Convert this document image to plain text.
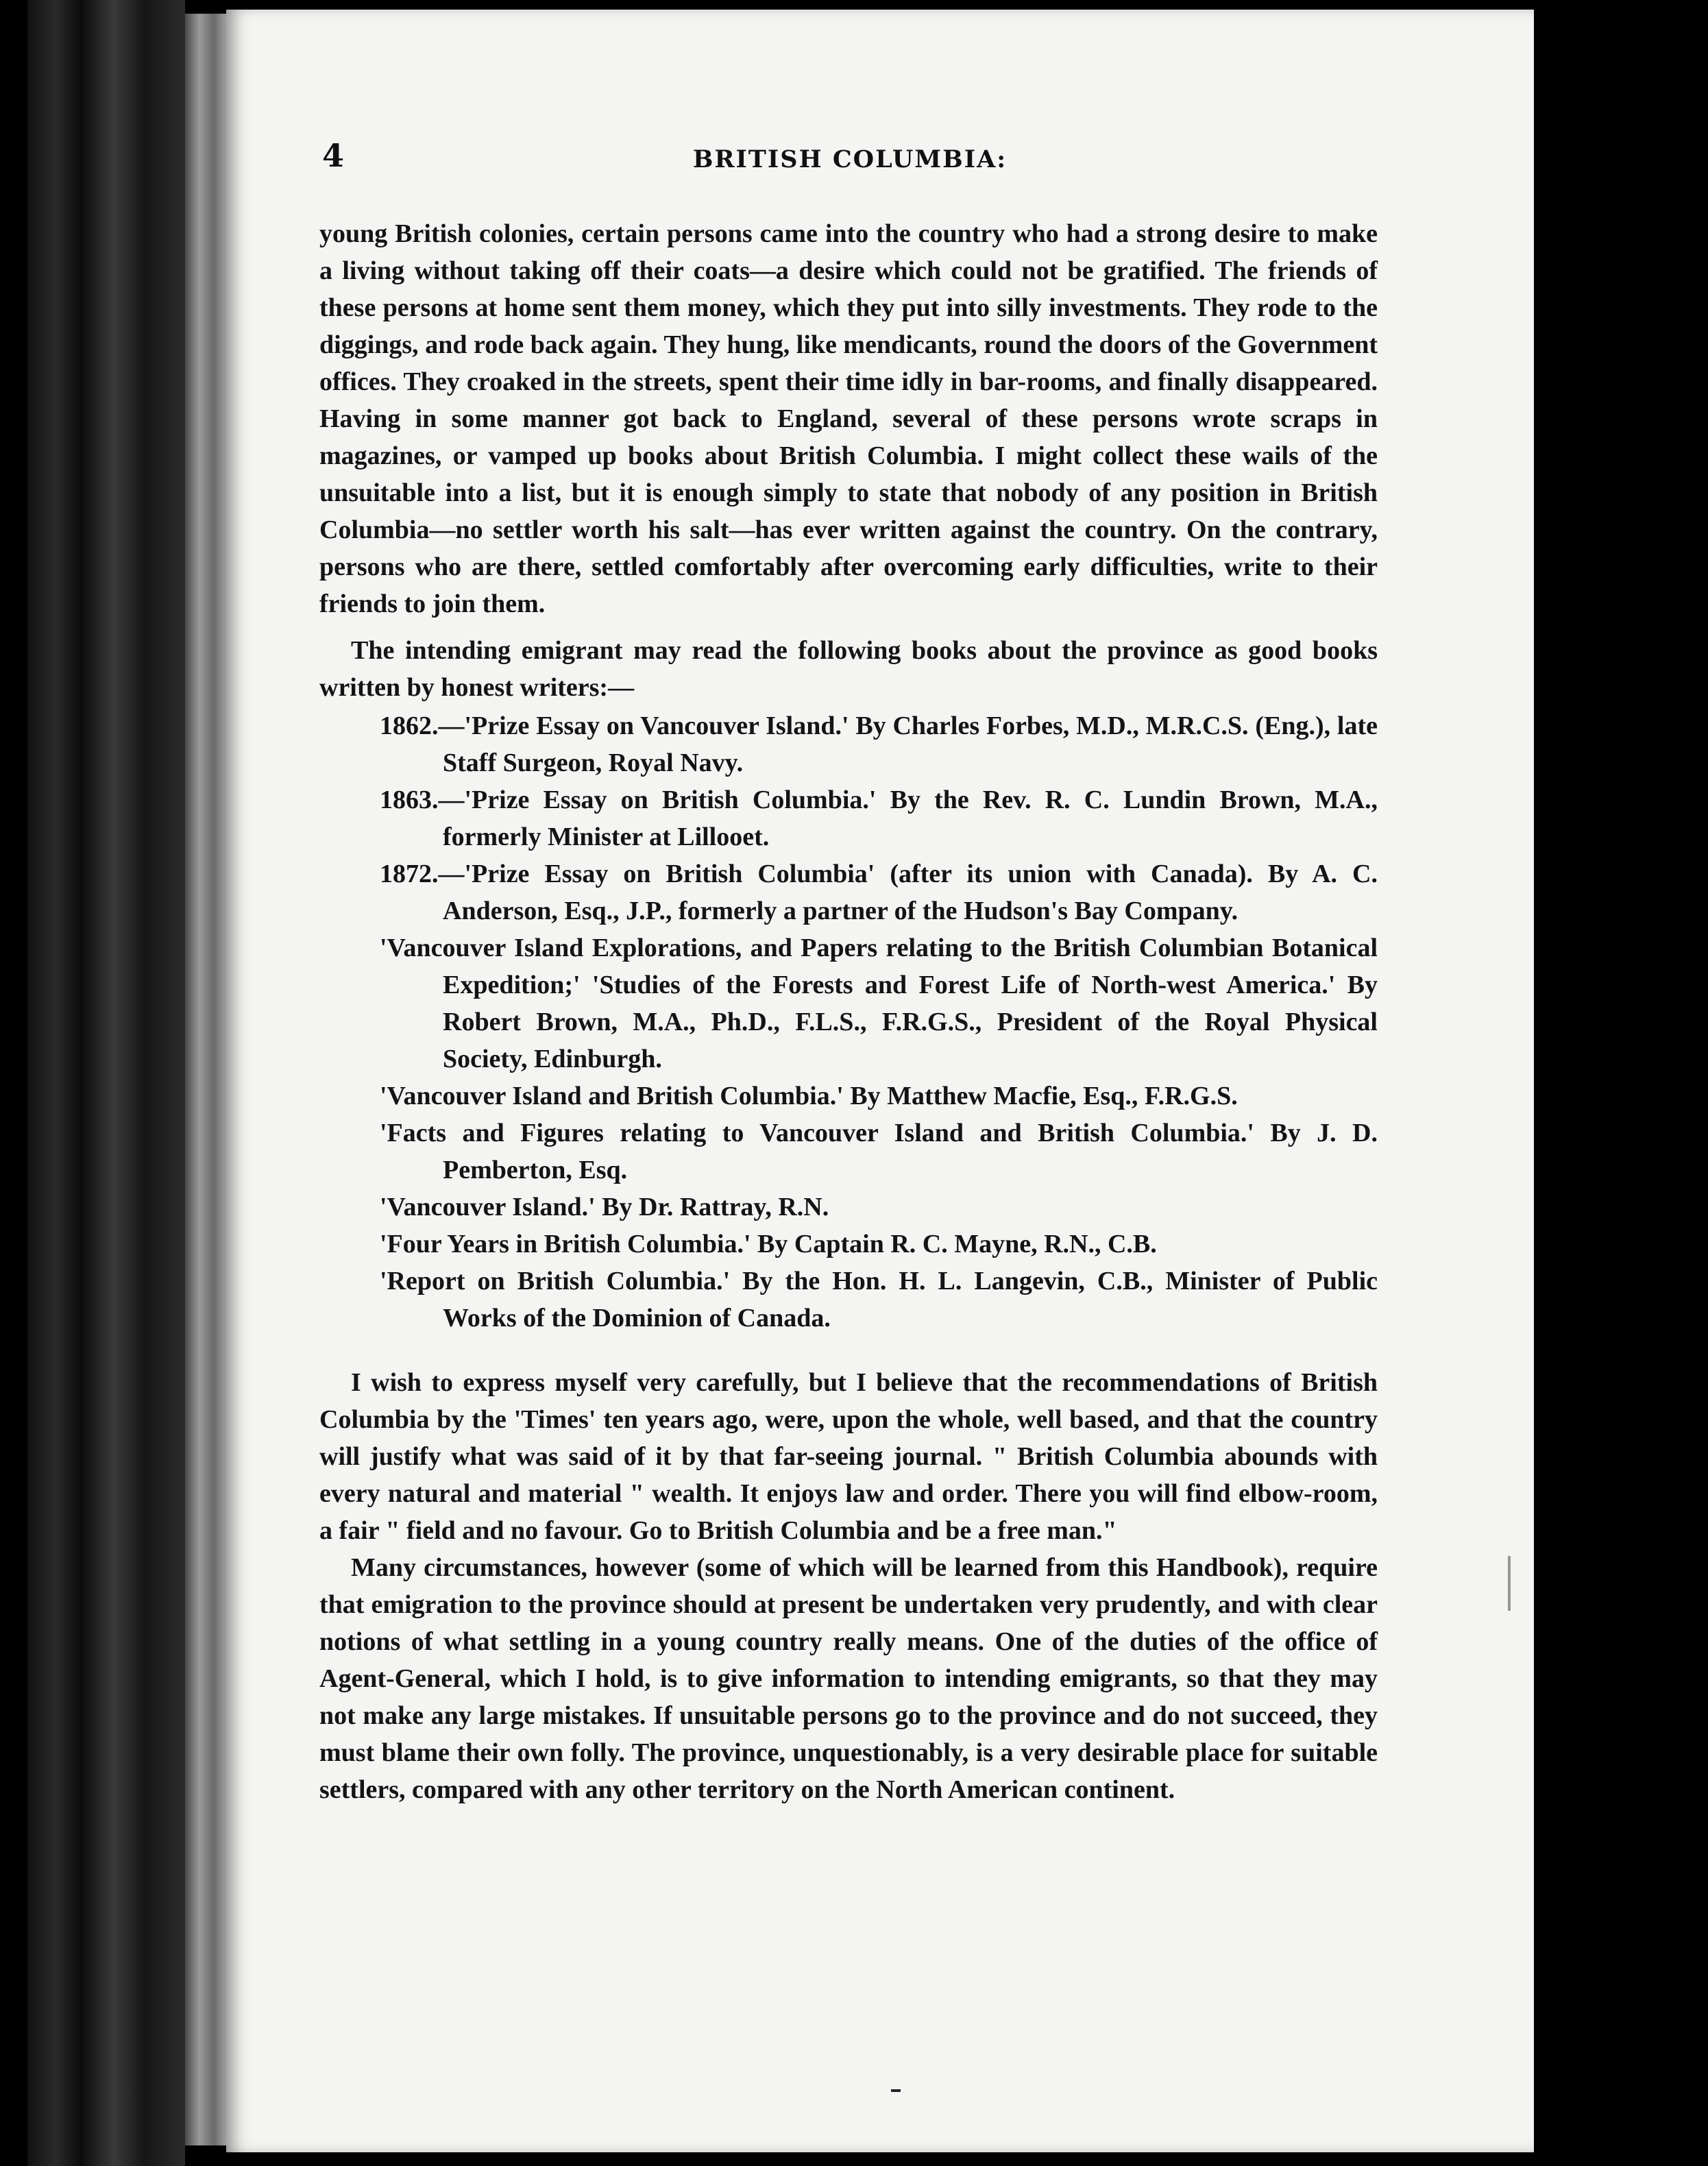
4	BRITISH COLUMBIA:

young British colonies, certain persons came into the country who had a strong desire to make a living without taking off their coats—a desire which could not be gratified. The friends of these persons at home sent them money, which they put into silly investments. They rode to the diggings, and rode back again. They hung, like mendicants, round the doors of the Government offices. They croaked in the streets, spent their time idly in bar-rooms, and finally disappeared. Having in some manner got back to England, several of these persons wrote scraps in magazines, or vamped up books about British Columbia. I might collect these wails of the unsuitable into a list, but it is enough simply to state that nobody of any position in British Columbia—no settler worth his salt—has ever written against the country. On the contrary, persons who are there, settled comfortably after overcoming early difficulties, write to their friends to join them.

The intending emigrant may read the following books about the province as good books written by honest writers:—

1862.—'Prize Essay on Vancouver Island.' By Charles Forbes, M.D., M.R.C.S. (Eng.), late Staff Surgeon, Royal Navy.
1863.—'Prize Essay on British Columbia.' By the Rev. R. C. Lundin Brown, M.A., formerly Minister at Lillooet.
1872.—'Prize Essay on British Columbia' (after its union with Canada). By A. C. Anderson, Esq., J.P., formerly a partner of the Hudson's Bay Company.
'Vancouver Island Explorations, and Papers relating to the British Columbian Botanical Expedition;' 'Studies of the Forests and Forest Life of North-west America.' By Robert Brown, M.A., Ph.D., F.L.S., F.R.G.S., President of the Royal Physical Society, Edinburgh.
'Vancouver Island and British Columbia.' By Matthew Macfie, Esq., F.R.G.S.
'Facts and Figures relating to Vancouver Island and British Columbia.' By J. D. Pemberton, Esq.
'Vancouver Island.' By Dr. Rattray, R.N.
'Four Years in British Columbia.' By Captain R. C. Mayne, R.N., C.B.
'Report on British Columbia.' By the Hon. H. L. Langevin, C.B., Minister of Public Works of the Dominion of Canada.

I wish to express myself very carefully, but I believe that the recommendations of British Columbia by the 'Times' ten years ago, were, upon the whole, well based, and that the country will justify what was said of it by that far-seeing journal. " British Columbia abounds with every natural and material " wealth. It enjoys law and order. There you will find elbow-room, a fair " field and no favour. Go to British Columbia and be a free man."

Many circumstances, however (some of which will be learned from this Handbook), require that emigration to the province should at present be undertaken very prudently, and with clear notions of what settling in a young country really means. One of the duties of the office of Agent-General, which I hold, is to give information to intending emigrants, so that they may not make any large mistakes. If unsuitable persons go to the province and do not succeed, they must blame their own folly. The province, unquestionably, is a very desirable place for suitable settlers, compared with any other territory on the North American continent.
